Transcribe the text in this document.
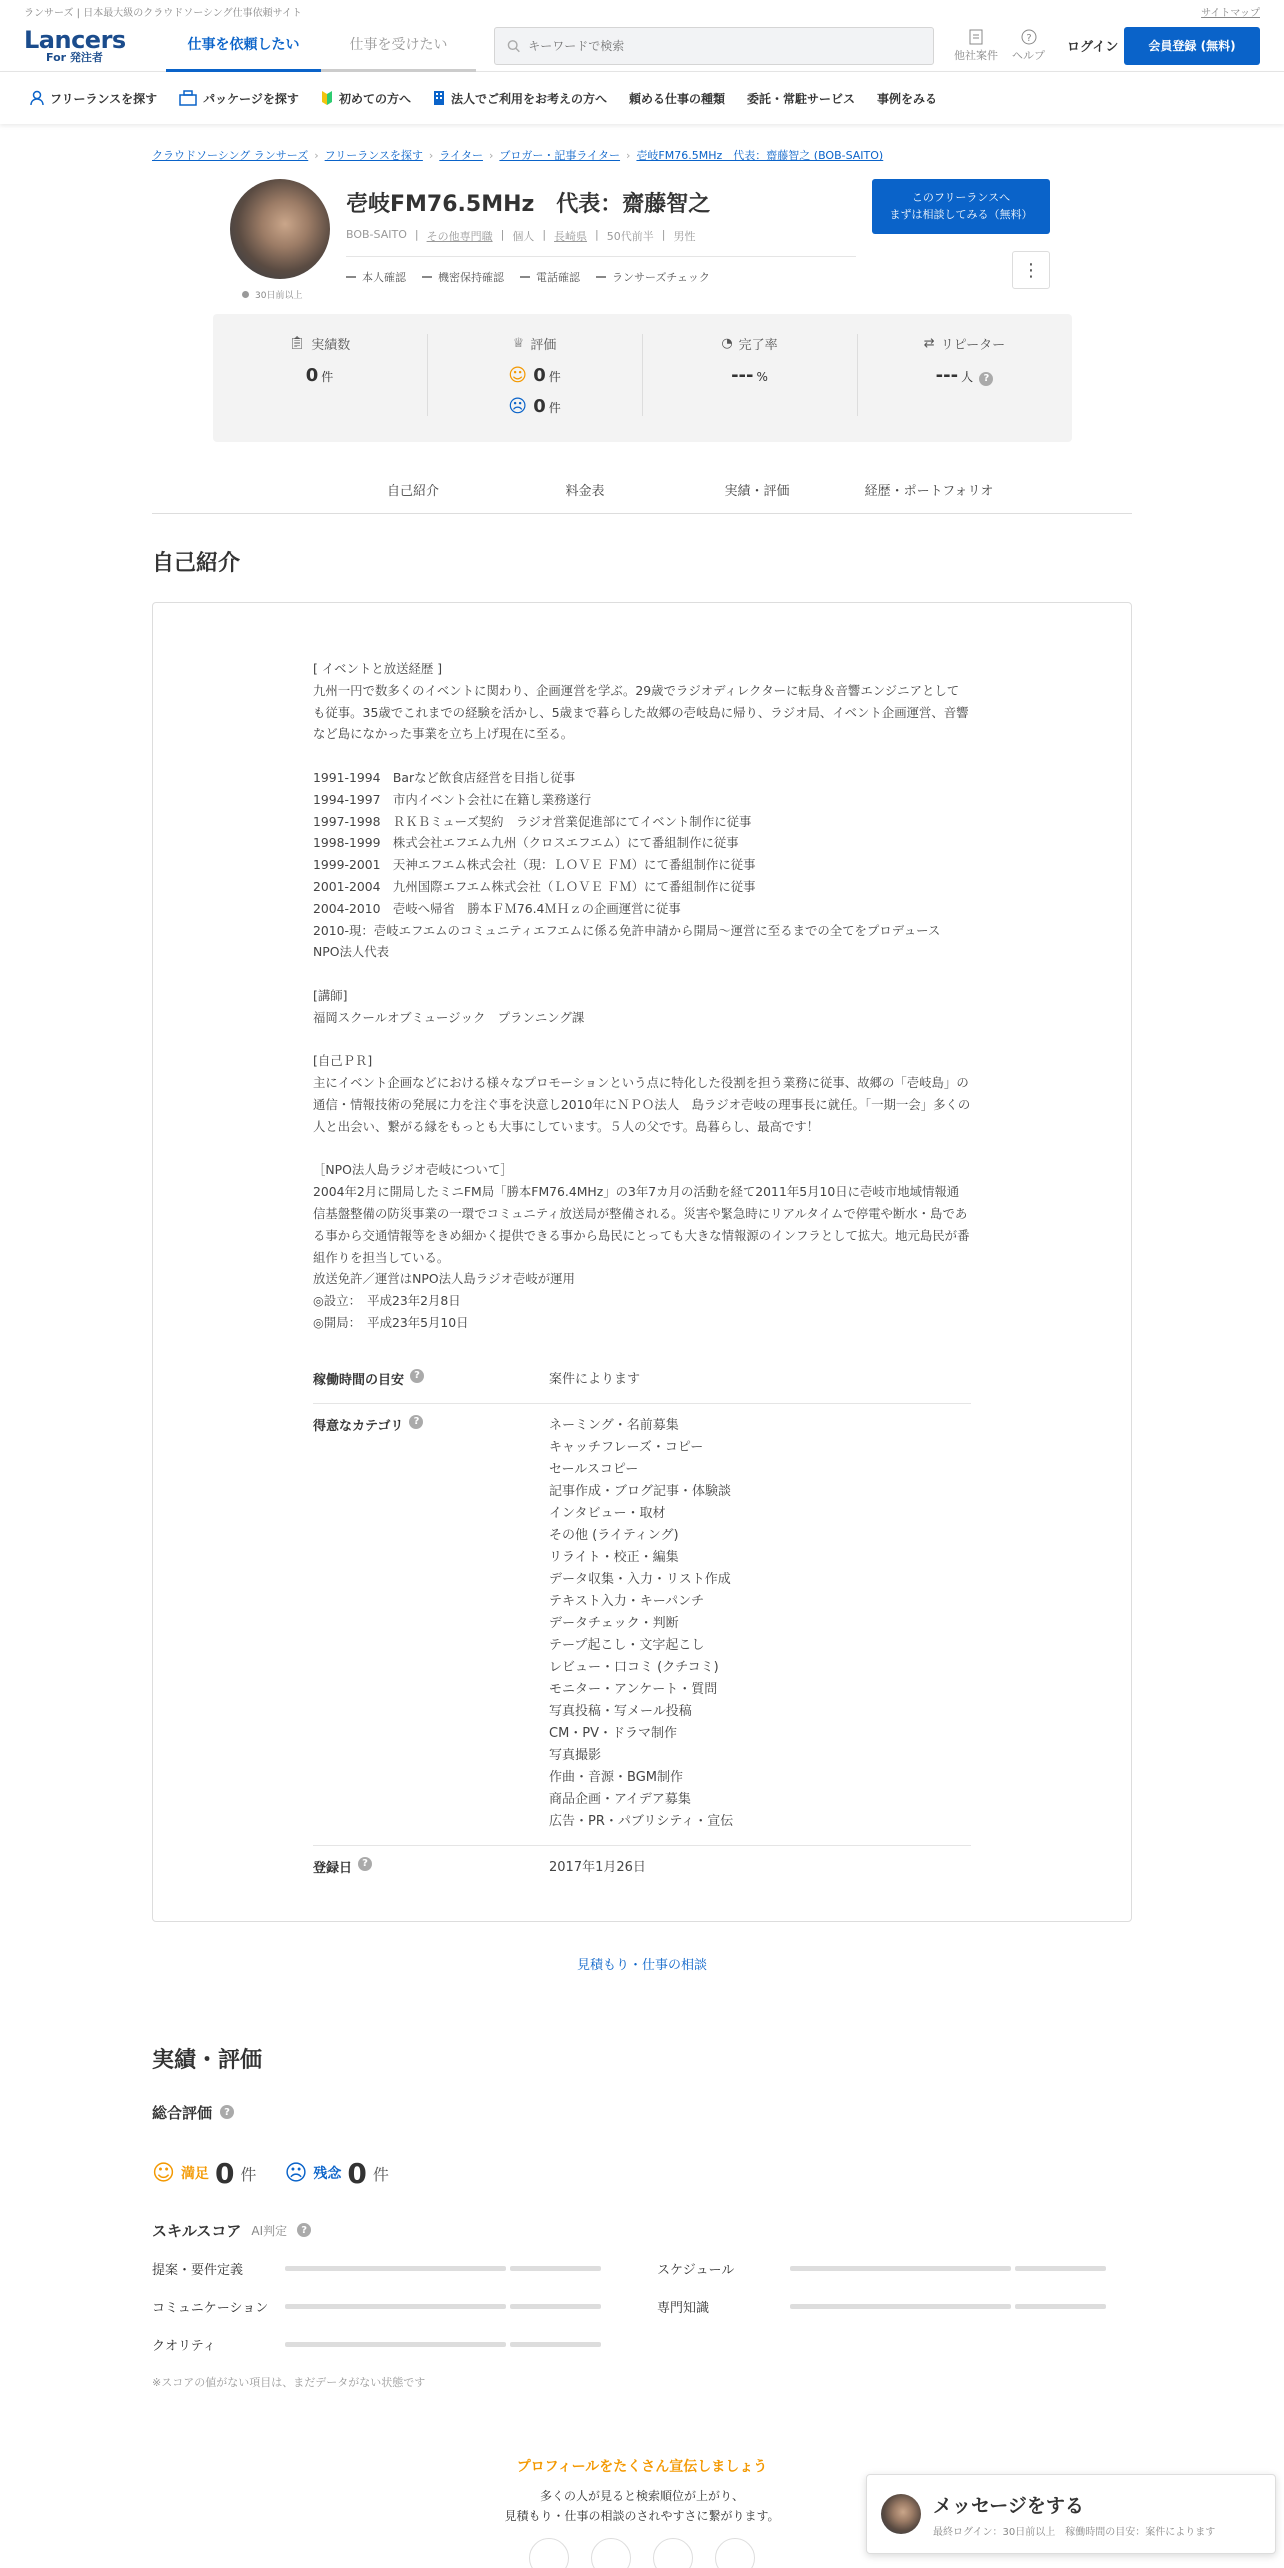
ランサーズ | 日本最大級のクラウドソーシング仕事依頼サイト	サイトマップ
Lancers
For 発注者
仕事を依頼したい	仕事を受けたい
キーワードで検索
他社案件
?
ヘルプ ログイン	会員登録 (無料)
フリーランスを探す	パッケージを探す	初めての方へ	法人でご利用をお考えの方へ 頼める仕事の種類 委託・常駐サービス 事例をみる
クラウドソーシング ランサーズ › フリーランスを探す › ライター › ブロガー・記事ライター › 壱岐FM76.5MHz　代表：齋藤智之 (BOB-SAITO)
30日前以上
壱岐FM76.5MHz　代表：齋藤智之
BOB-SAITO | その他専門職 | 個人 | 長崎県 | 50代前半 | 男性
本人確認	機密保持確認	電話確認	ランサーズチェック
このフリーランスへ
まずは相談してみる（無料）
⋮
📋︎ 実績数
0 件
♕ 評価
☺ 0 件
☹ 0 件
◔ 完了率
--- %
⇄ リピーター
--- 人 ?
自己紹介	料金表	実績・評価	経歴・ポートフォリオ
自己紹介
[ イベントと放送経歴 ]
九州一円で数多くのイベントに関わり、企画運営を学ぶ。29歳でラジオディレクターに転身＆音響エンジニアとしても従事。35歳でこれまでの経験を活かし、5歳まで暮らした故郷の壱岐島に帰り、ラジオ局、イベント企画運営、音響など島になかった事業を立ち上げ現在に至る。

1991-1994　Barなど飲食店経営を目指し従事
1994-1997　市内イベント会社に在籍し業務遂行
1997-1998　ＲＫＢミューズ契約　ラジオ営業促進部にてイベント制作に従事
1998-1999　株式会社エフエム九州（クロスエフエム）にて番組制作に従事
1999-2001　天神エフエム株式会社（現：ＬＯＶＥ ＦＭ）にて番組制作に従事
2001-2004　九州国際エフエム株式会社（ＬＯＶＥ ＦＭ）にて番組制作に従事
2004-2010　壱岐へ帰省　勝本ＦＭ76.4ＭＨｚの企画運営に従事
2010-現：壱岐エフエムのコミュニティエフエムに係る免許申請から開局～運営に至るまでの全てをプロデュース　NPO法人代表

[講師]
福岡スクールオブミュージック　プランニング課

[自己ＰＲ]
主にイベント企画などにおける様々なプロモーションという点に特化した役割を担う業務に従事、故郷の「壱岐島」の通信・情報技術の発展に力を注ぐ事を決意し2010年にＮＰＯ法人　島ラジオ壱岐の理事長に就任。「一期一会」多くの人と出会い、繋がる縁をもっとも大事にしています。５人の父です。島暮らし、最高です！

［NPO法人島ラジオ壱岐について］
2004年2月に開局したミニFM局「勝本FM76.4MHz」の3年7カ月の活動を経て2011年5月10日に壱岐市地域情報通信基盤整備の防災事業の一環でコミュニティ放送局が整備される。災害や緊急時にリアルタイムで停電や断水・島である事から交通情報等をきめ細かく提供できる事から島民にとっても大きな情報源のインフラとして拡大。地元島民が番組作りを担当している。
放送免許／運営はNPO法人島ラジオ壱岐が運用
◎設立：　平成23年2月8日
◎開局：　平成23年5月10日
稼働時間の目安	?	案件によります
得意なカテゴリ	?	ネーミング・名前募集
キャッチフレーズ・コピー
セールスコピー
記事作成・ブログ記事・体験談
インタビュー・取材
その他 (ライティング)
リライト・校正・編集
データ収集・入力・リスト作成
テキスト入力・キーパンチ
データチェック・判断
テープ起こし・文字起こし
レビュー・口コミ (クチコミ)
モニター・アンケート・質問
写真投稿・写メール投稿
CM・PV・ドラマ制作
写真撮影
作曲・音源・BGM制作
商品企画・アイデア募集
広告・PR・パブリシティ・宣伝
登録日	?	2017年1月26日
見積もり・仕事の相談
実績・評価
総合評価	?
☺ 満足 0 件 ☹ 残念 0 件
スキルスコア AI判定	?
提案・要件定義	スケジュール
コミュニケーション	専門知識
クオリティ
※スコアの値がない項目は、まだデータがない状態です
プロフィールをたくさん宣伝しましょう
多くの人が見ると検索順位が上がり、
見積もり・仕事の相談のされやすさに繋がります。	メッセージをする
最終ログイン：30日前以上　稼働時間の目安：案件によります
